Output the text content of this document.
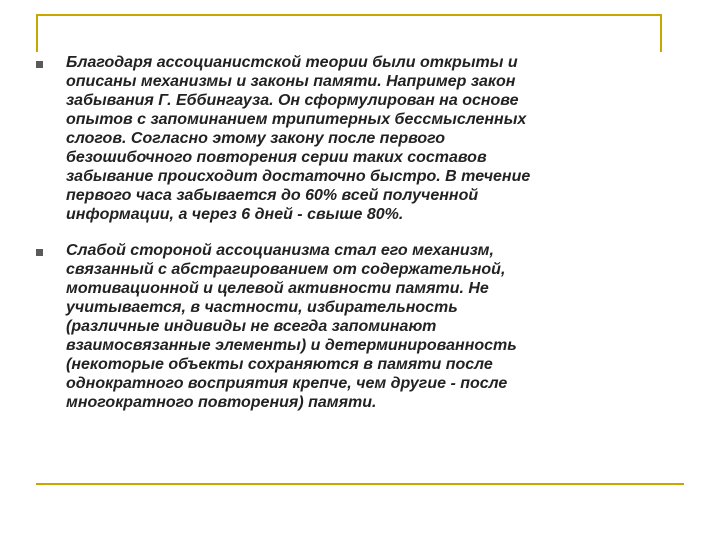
Благодаря ассоцианистской теории были открыты и
описаны механизмы и законы памяти. Например закон
забывания Г. Еббингауза. Он сформулирован на основе
опытов с запоминанием трипитерных бессмысленных
слогов. Согласно этому закону после первого
безошибочного повторения серии таких составов
забывание происходит достаточно быстро. В течение
первого часа забывается до 60% всей полученной
информации, а через 6 дней - свыше 80%.
Слабой стороной ассоцианизма стал его механизм,
связанный с абстрагированием от содержательной,
мотивационной и целевой активности памяти. Не
учитывается, в частности, избирательность
(различные индивиды не всегда запоминают
взаимосвязанные элементы) и детерминированность
(некоторые объекты сохраняются в памяти после
однократного восприятия крепче, чем другие - после
многократного повторения) памяти.
